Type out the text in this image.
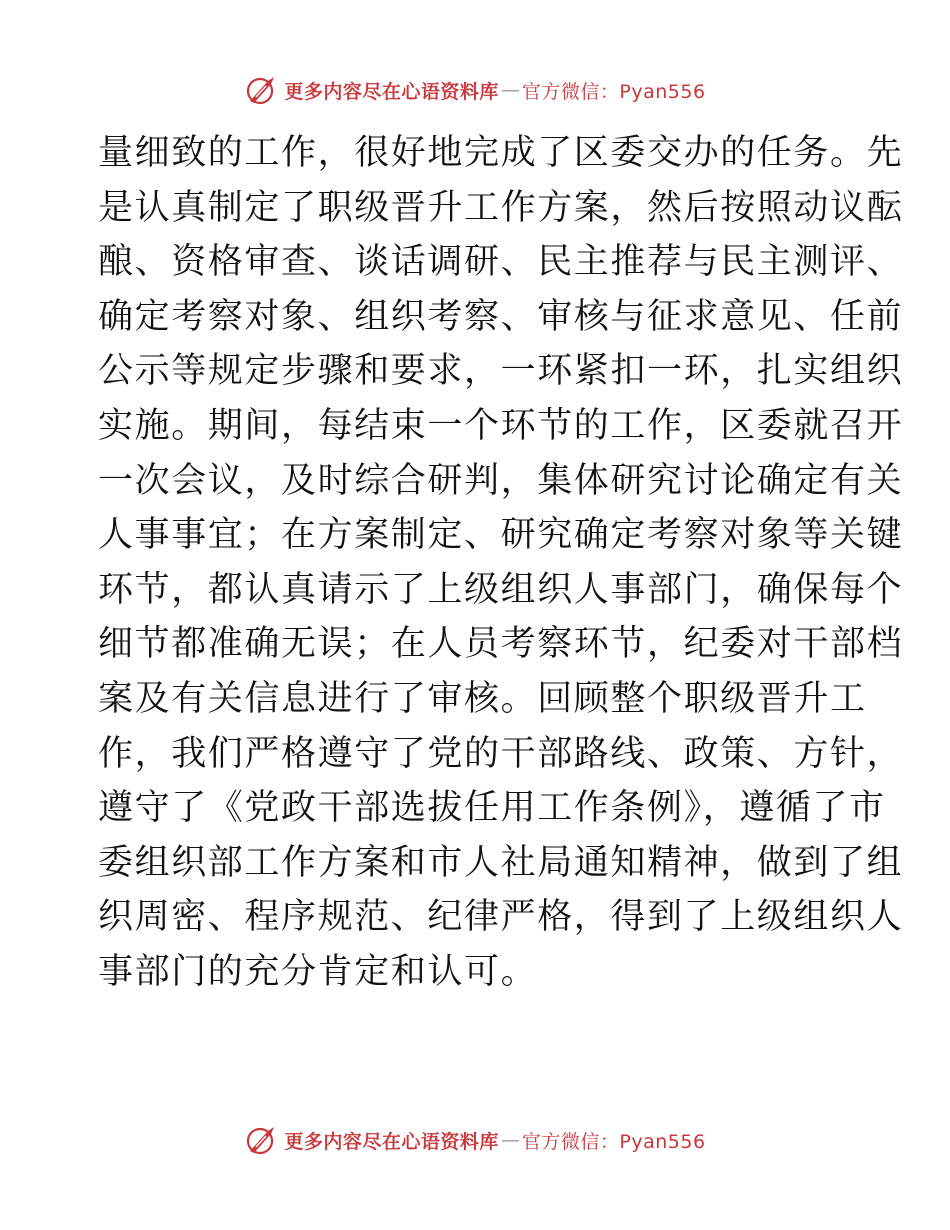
更多内容尽在心语资料库 — 官方微信：Pyan556
量细致的工作，很好地完成了区委交办的任务。先
是认真制定了职级晋升工作方案，然后按照动议酝
酿、资格审查、谈话调研、民主推荐与民主测评、
确定考察对象、组织考察、审核与征求意见、任前
公示等规定步骤和要求，一环紧扣一环，扎实组织
实施。期间，每结束一个环节的工作，区委就召开
一次会议，及时综合研判，集体研究讨论确定有关
人事事宜；在方案制定、研究确定考察对象等关键
环节，都认真请示了上级组织人事部门，确保每个
细节都准确无误；在人员考察环节，纪委对干部档
案及有关信息进行了审核。回顾整个职级晋升工
作，我们严格遵守了党的干部路线、政策、方针，
遵守了《党政干部选拔任用工作条例》，遵循了市
委组织部工作方案和市人社局通知精神，做到了组
织周密、程序规范、纪律严格，得到了上级组织人
事部门的充分肯定和认可。
更多内容尽在心语资料库 — 官方微信：Pyan556
